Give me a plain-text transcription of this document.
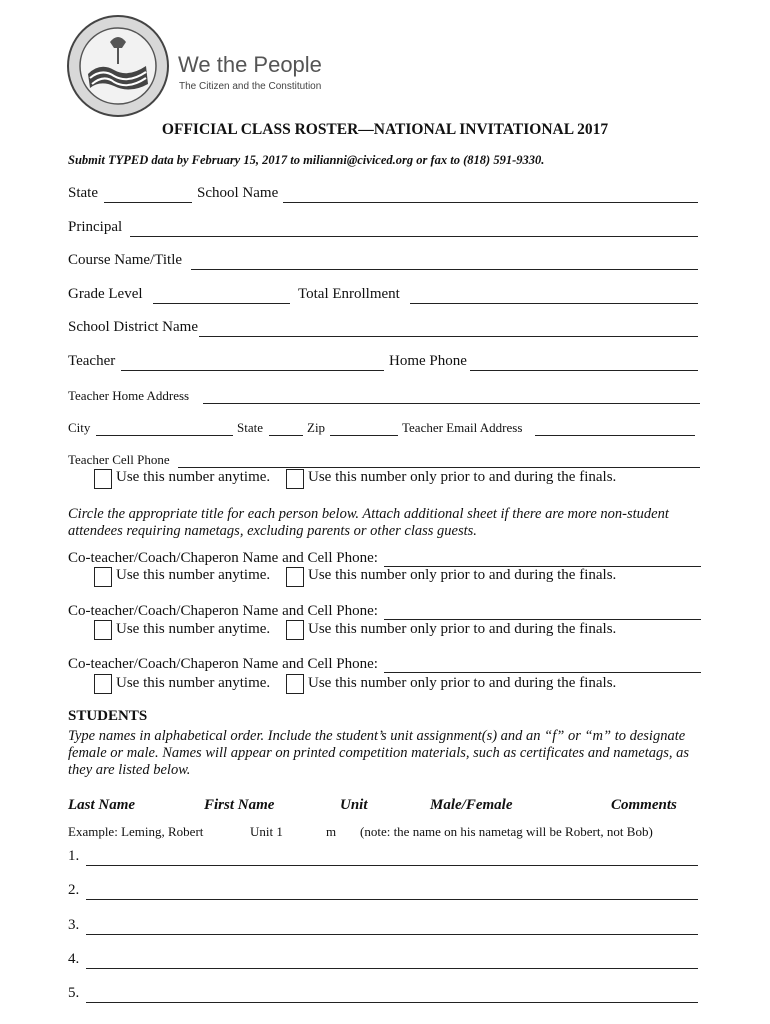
We the People
The Citizen and the Constitution
OFFICIAL CLASS ROSTER—NATIONAL INVITATIONAL 2017
Submit TYPED data by February 15, 2017 to milianni@civiced.org or fax to (818) 591-9330.
State	School Name
Principal
Course Name/Title
Grade Level	Total Enrollment
School District Name
Teacher	Home Phone
Teacher Home Address
City	State	Zip	Teacher Email Address
Teacher Cell Phone
Use this number anytime.	Use this number only prior to and during the finals.
Circle the appropriate title for each person below. Attach additional sheet if there are more non-student attendees requiring nametags, excluding parents or other class guests.
Co-teacher/Coach/Chaperon Name and Cell Phone:
Use this number anytime.	Use this number only prior to and during the finals.
Co-teacher/Coach/Chaperon Name and Cell Phone:
Use this number anytime.	Use this number only prior to and during the finals.
Co-teacher/Coach/Chaperon Name and Cell Phone:
Use this number anytime.	Use this number only prior to and during the finals.
STUDENTS
Type names in alphabetical order. Include the student’s unit assignment(s) and an “f” or “m” to designate female or male. Names will appear on printed competition materials, such as certificates and nametags, as they are listed below.
Last Name	First Name	Unit	Male/Female	Comments
Example: Leming, Robert	Unit 1	m (note: the name on his nametag will be Robert, not Bob)
1.
2.
3.
4.
5.
